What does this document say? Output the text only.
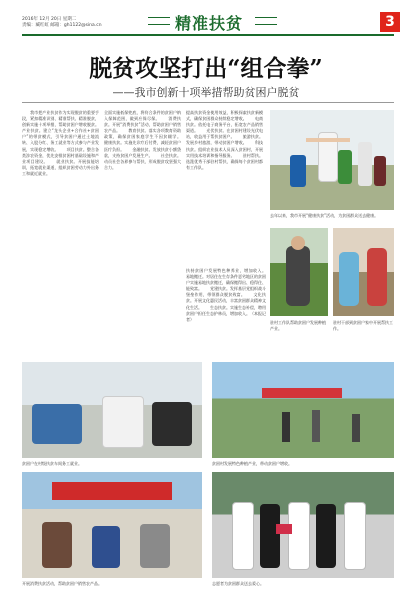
2016年 12月 20日 星期二
责编：臧红虹 邮箱：gh1122@sina.cn	精准扶贫	3
脱贫攻坚打出“组合拳”
——我市创新十项举措帮助贫困户脱贫

　　我市把产业扶贫作为实现脱贫的重要手段，紧扣精准识别、精准帮扶、精准脱贫，创新实施十项举措，帮助贫困户增收脱贫。　　产业扶贫。建立“龙头企业+合作社+贫困户”的带贫模式，引导贫困户通过土地流转、入股分红、务工就业等方式参与产业发展，实现稳定增收。　　项目扶贫。整合各类涉农资金，优先安排贫困村基础设施和产业项目建设。　　就业扶贫。开展技能培训，拓宽就业渠道，组织贫困劳动力外出务工和就近就业。

全面实施低保兜底，将符合条件的贫困户纳入保障范围，做到应保尽保。　　消费扶贫。开展“消费扶贫”活动，帮助贫困户销售农产品。　　教育扶贫。落实各项教育资助政策，确保贫困家庭学生不因贫辍学。　　健康扶贫。实施先诊疗后付费，减轻贫困户医疗负担。　　金融扶贫。发放扶贫小额贷款，支持贫困户发展生产。　　社会扶贫。动员社会各界参与帮扶，形成脱贫攻坚强大合力。

提高扶贫资金使用效益，积极探索扶贫新模式，确保贫困群众持续稳定增收。　　电商扶贫。依托电子商务平台，拓宽农产品销售渠道。　　光伏扶贫。在贫困村建设光伏电站，收益用于帮扶贫困户。　　旅游扶贫。发展乡村旅游，带动贫困户增收。　　科技扶贫。组织农业技术人员深入贫困村，开展实用技术培训和指导服务。　　驻村帮扶。选派优秀干部驻村帮扶，确保每个贫困村都有工作队。

扶持贫困户发展特色种养业，增加收入。　　易地搬迁。对居住在生存条件恶劣地区的贫困户实施易地扶贫搬迁，确保搬得出、稳得住、能致富。　　党建扶贫。发挥基层党组织战斗堡垒作用，带领群众脱贫致富。　　文化扶贫。开展文化惠民活动，丰富贫困群众精神文化生活。　　生态扶贫。实施生态补偿，聘用贫困户担任生态护林员，增加收入。（本报记者）

去年以来，我市开展“健康扶贫”活动，为贫困群众送去健康。
驻村工作队帮助贫困户发展种植产业。
驻村干部到贫困户家中开展帮扶工作。
贫困户在村级扶贫车间务工就业。	贫困村发展特色种植产业，带动贫困户增收。
开展消费扶贫活动，帮助贫困户销售农产品。	志愿者为贫困群众送去爱心。
